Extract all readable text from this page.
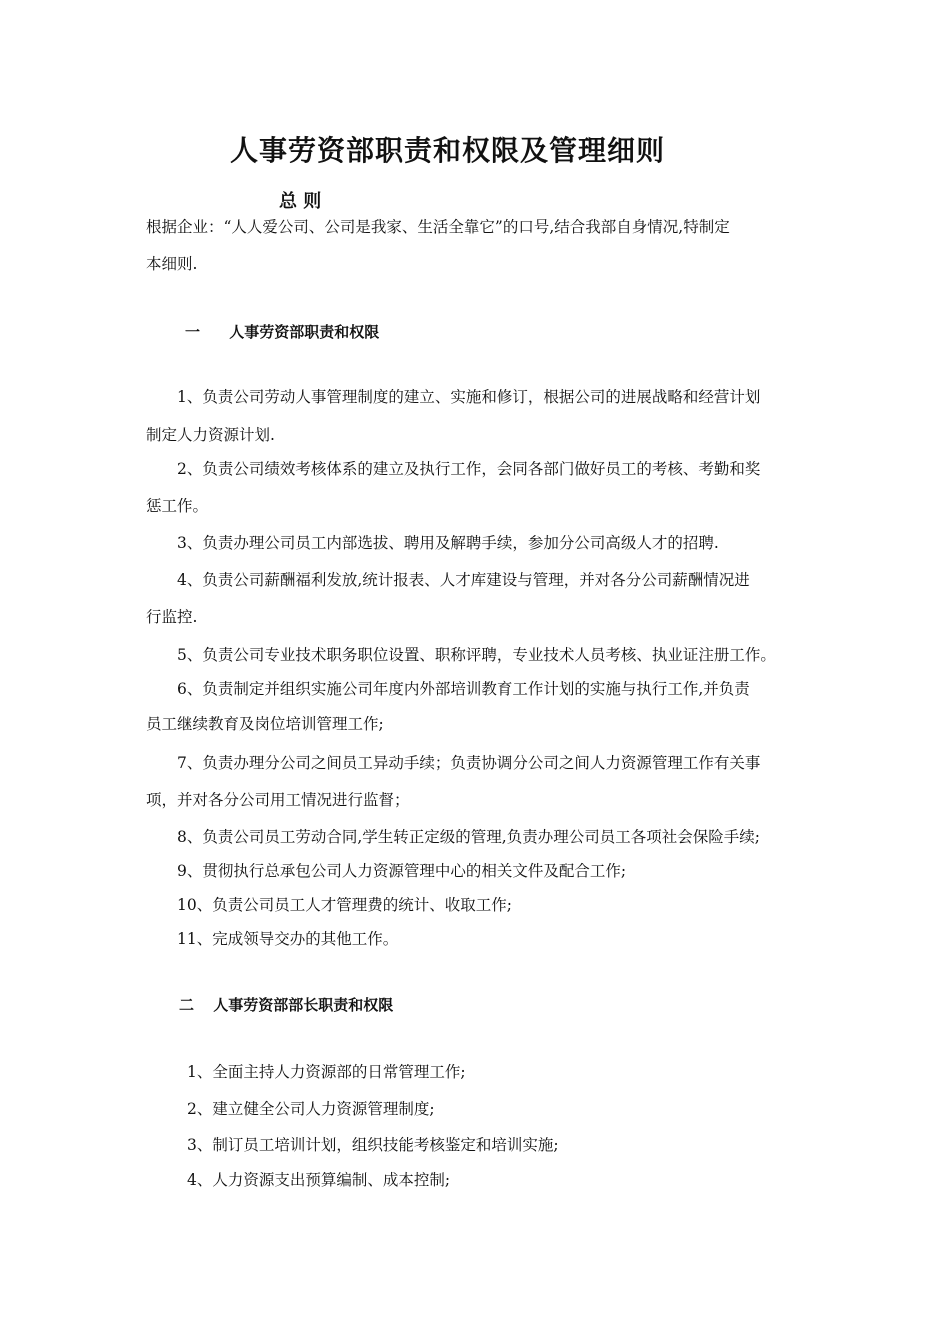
人事劳资部职责和权限及管理细则
总 则
根据企业：“人人爱公司、公司是我家、生活全靠它”的口号,结合我部自身情况,特制定
本细则.
一 人事劳资部职责和权限
1、负责公司劳动人事管理制度的建立、实施和修订，根据公司的进展战略和经营计划
制定人力资源计划.
2、负责公司绩效考核体系的建立及执行工作，会同各部门做好员工的考核、考勤和奖
惩工作。
3、负责办理公司员工内部选拔、聘用及解聘手续，参加分公司高级人才的招聘.
4、负责公司薪酬福利发放,统计报表、人才库建设与管理，并对各分公司薪酬情况进
行监控.
5、负责公司专业技术职务职位设置、职称评聘，专业技术人员考核、执业证注册工作。
6、负责制定并组织实施公司年度内外部培训教育工作计划的实施与执行工作,并负责
员工继续教育及岗位培训管理工作;
7、负责办理分公司之间员工异动手续；负责协调分公司之间人力资源管理工作有关事
项，并对各分公司用工情况进行监督；
8、负责公司员工劳动合同,学生转正定级的管理,负责办理公司员工各项社会保险手续;
9、贯彻执行总承包公司人力资源管理中心的相关文件及配合工作;
10、负责公司员工人才管理费的统计、收取工作;
11、完成领导交办的其他工作。
二 人事劳资部部长职责和权限
1、全面主持人力资源部的日常管理工作;
2、建立健全公司人力资源管理制度;
3、制订员工培训计划，组织技能考核鉴定和培训实施;
4、人力资源支出预算编制、成本控制;
